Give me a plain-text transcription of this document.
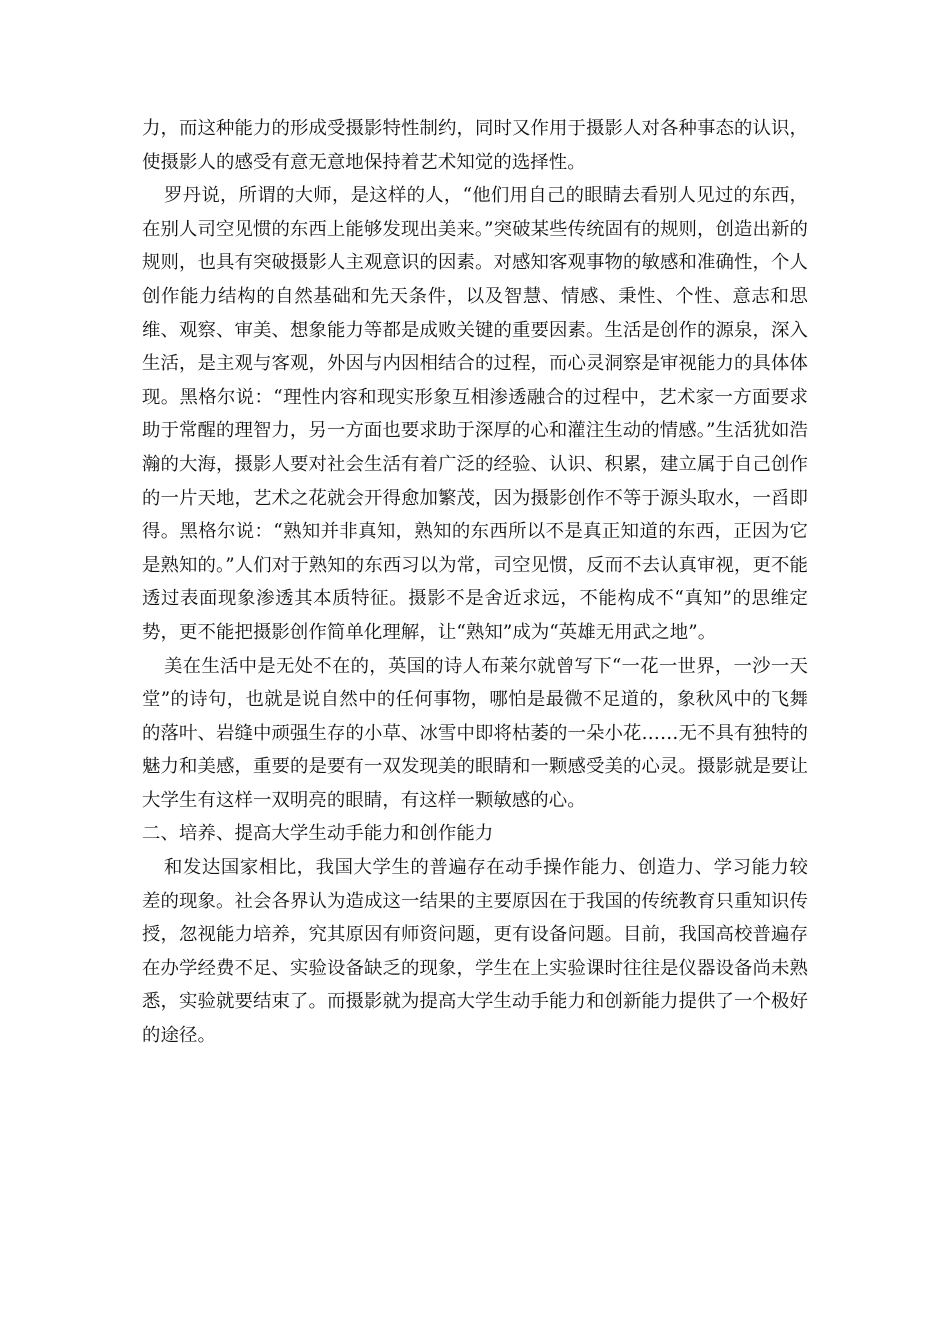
力，而这种能力的形成受摄影特性制约，同时又作用于摄影人对各种事态的认识，使摄影人的感受有意无意地保持着艺术知觉的选择性。

罗丹说，所谓的大师，是这样的人，“他们用自己的眼睛去看别人见过的东西，在别人司空见惯的东西上能够发现出美来。”突破某些传统固有的规则，创造出新的规则，也具有突破摄影人主观意识的因素。对感知客观事物的敏感和准确性，个人创作能力结构的自然基础和先天条件，以及智慧、情感、秉性、个性、意志和思维、观察、审美、想象能力等都是成败关键的重要因素。生活是创作的源泉，深入生活，是主观与客观，外因与内因相结合的过程，而心灵洞察是审视能力的具体体现。黑格尔说：“理性内容和现实形象互相渗透融合的过程中，艺术家一方面要求助于常醒的理智力，另一方面也要求助于深厚的心和灌注生动的情感。”生活犹如浩瀚的大海，摄影人要对社会生活有着广泛的经验、认识、积累，建立属于自己创作的一片天地，艺术之花就会开得愈加繁茂，因为摄影创作不等于源头取水，一舀即得。黑格尔说：“熟知并非真知，熟知的东西所以不是真正知道的东西，正因为它是熟知的。”人们对于熟知的东西习以为常，司空见惯，反而不去认真审视，更不能透过表面现象渗透其本质特征。摄影不是舍近求远，不能构成不“真知”的思维定势，更不能把摄影创作简单化理解，让“熟知”成为“英雄无用武之地”。

美在生活中是无处不在的，英国的诗人布莱尔就曾写下“一花一世界，一沙一天堂”的诗句，也就是说自然中的任何事物，哪怕是最微不足道的，象秋风中的飞舞的落叶、岩缝中顽强生存的小草、冰雪中即将枯萎的一朵小花……无不具有独特的魅力和美感，重要的是要有一双发现美的眼睛和一颗感受美的心灵。摄影就是要让大学生有这样一双明亮的眼睛，有这样一颗敏感的心。

二、培养、提高大学生动手能力和创作能力

和发达国家相比，我国大学生的普遍存在动手操作能力、创造力、学习能力较差的现象。社会各界认为造成这一结果的主要原因在于我国的传统教育只重知识传授，忽视能力培养，究其原因有师资问题，更有设备问题。目前，我国高校普遍存在办学经费不足、实验设备缺乏的现象，学生在上实验课时往往是仪器设备尚未熟悉，实验就要结束了。而摄影就为提高大学生动手能力和创新能力提供了一个极好的途径。
